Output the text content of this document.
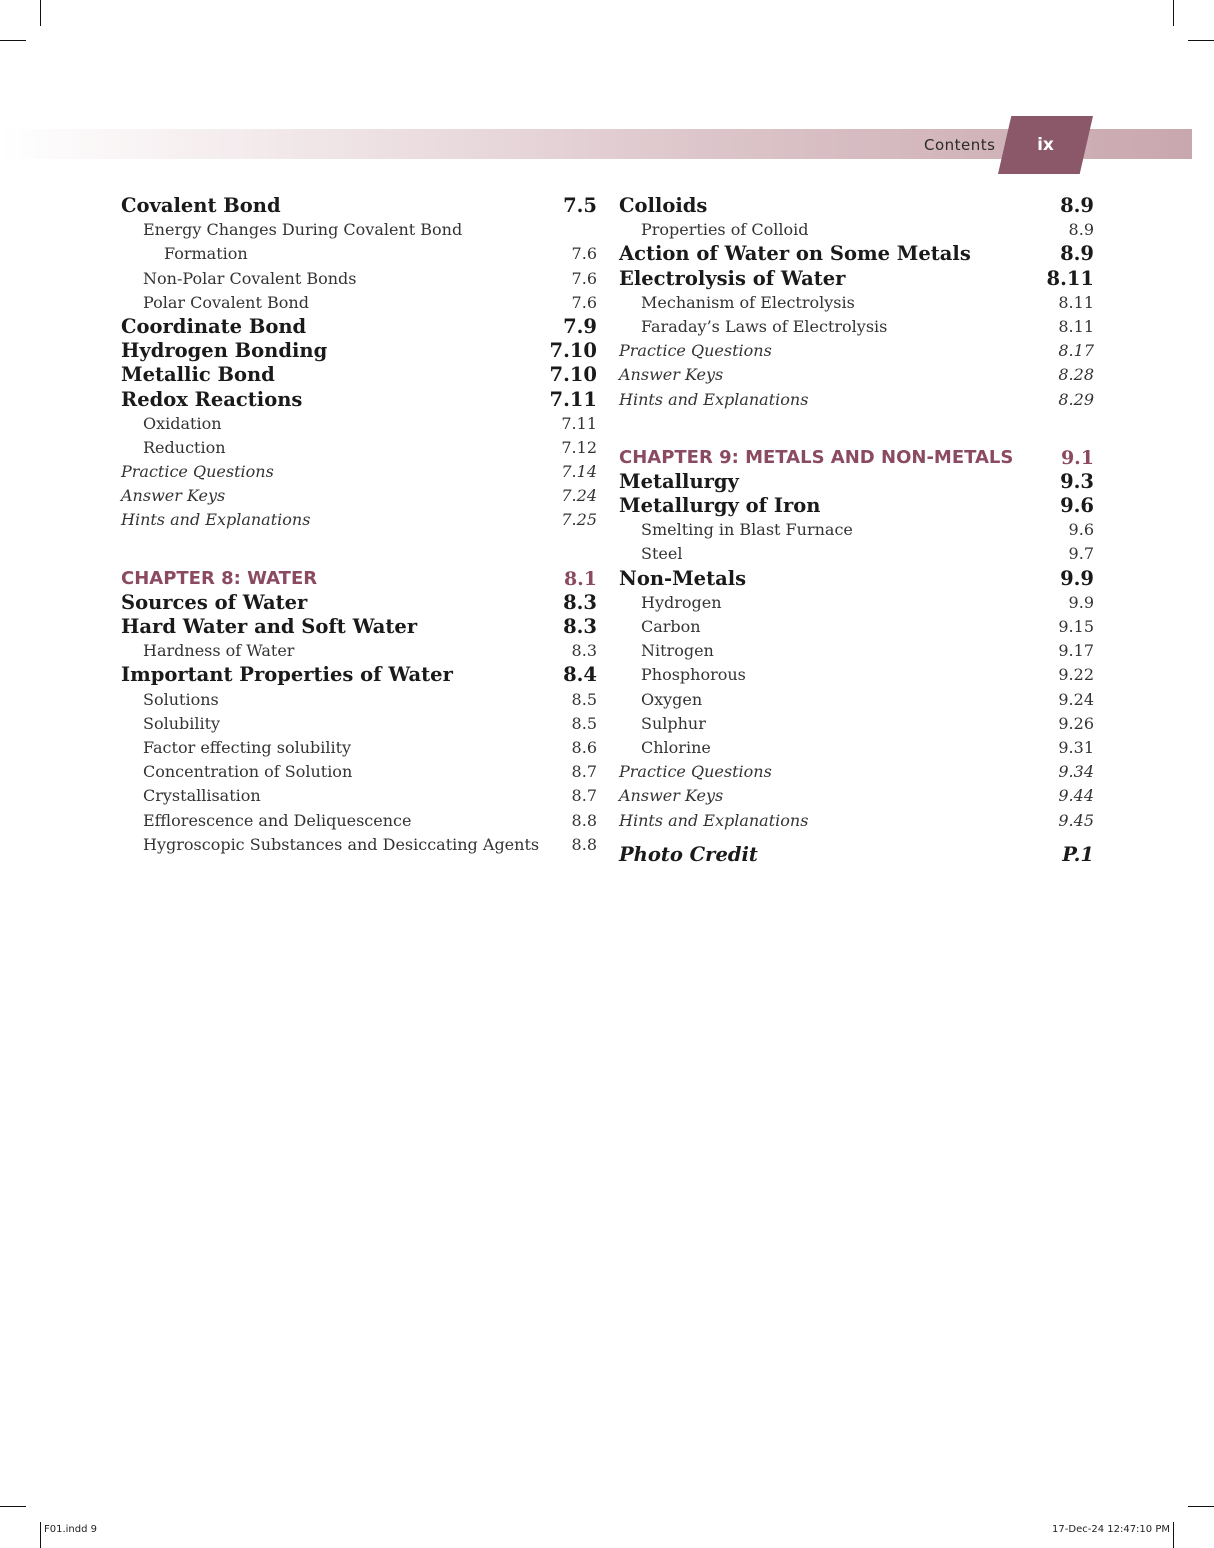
Contents	ix
Covalent Bond	7.5
Energy Changes During Covalent Bond
Formation	7.6
Non-Polar Covalent Bonds	7.6
Polar Covalent Bond	7.6
Coordinate Bond	7.9
Hydrogen Bonding	7.10
Metallic Bond	7.10
Redox Reactions	7.11
Oxidation	7.11
Reduction	7.12
Practice Questions	7.14
Answer Keys	7.24
Hints and Explanations	7.25
CHAPTER 8: WATER	8.1
Sources of Water	8.3
Hard Water and Soft Water	8.3
Hardness of Water	8.3
Important Properties of Water	8.4
Solutions	8.5
Solubility	8.5
Factor effecting solubility	8.6
Concentration of Solution	8.7
Crystallisation	8.7
Efflorescence and Deliquescence	8.8
Hygroscopic Substances and Desiccating Agents 8.8
Colloids	8.9
Properties of Colloid	8.9
Action of Water on Some Metals	8.9
Electrolysis of Water	8.11
Mechanism of Electrolysis	8.11
Faraday’s Laws of Electrolysis	8.11
Practice Questions	8.17
Answer Keys	8.28
Hints and Explanations	8.29
CHAPTER 9: METALS AND NON-METALS	9.1
Metallurgy	9.3
Metallurgy of Iron	9.6
Smelting in Blast Furnace	9.6
Steel	9.7
Non-Metals	9.9
Hydrogen	9.9
Carbon	9.15
Nitrogen	9.17
Phosphorous	9.22
Oxygen	9.24
Sulphur	9.26
Chlorine	9.31
Practice Questions	9.34
Answer Keys	9.44
Hints and Explanations	9.45
Photo Credit	P.1
F01.indd 9	17-Dec-24 12:47:10 PM
